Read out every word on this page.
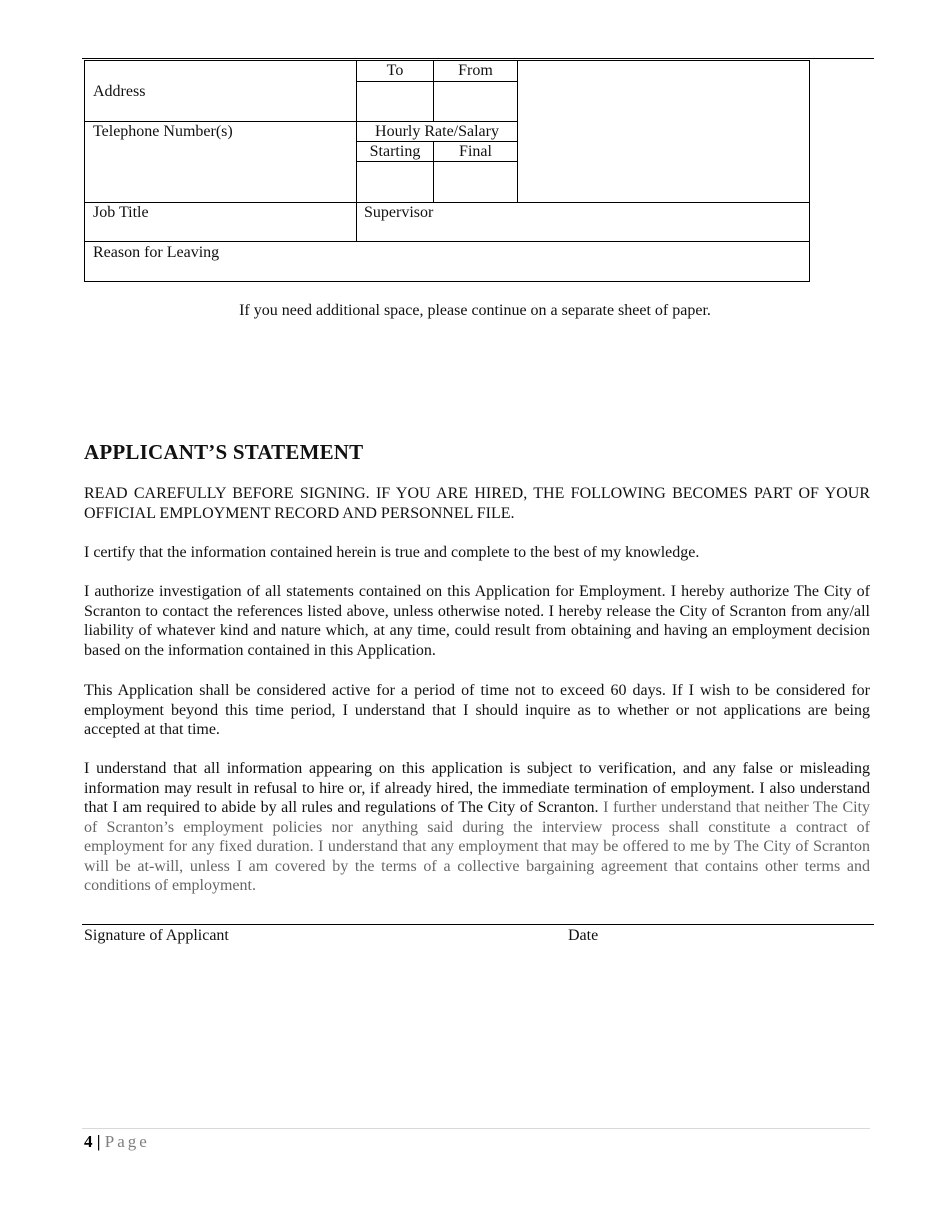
To	From
Address
Telephone Number(s)	Hourly Rate/Salary
Starting	Final
Job Title	Supervisor
Reason for Leaving
If you need additional space, please continue on a separate sheet of paper.
APPLICANT’S STATEMENT
READ CAREFULLY BEFORE SIGNING. IF YOU ARE HIRED, THE FOLLOWING BECOMES PART OF YOUR OFFICIAL EMPLOYMENT RECORD AND PERSONNEL FILE.
I certify that the information contained herein is true and complete to the best of my knowledge.
I authorize investigation of all statements contained on this Application for Employment. I hereby authorize The City of Scranton to contact the references listed above, unless otherwise noted. I hereby release the City of Scranton from any/all liability of whatever kind and nature which, at any time, could result from obtaining and having an employment decision based on the information contained in this Application.
This Application shall be considered active for a period of time not to exceed 60 days. If I wish to be considered for employment beyond this time period, I understand that I should inquire as to whether or not applications are being accepted at that time.
I understand that all information appearing on this application is subject to verification, and any false or misleading information may result in refusal to hire or, if already hired, the immediate termination of employment. I also understand that I am required to abide by all rules and regulations of The City of Scranton. I further understand that neither The City of Scranton’s employment policies nor anything said during the interview process shall constitute a contract of employment for any fixed duration. I understand that any employment that may be offered to me by The City of Scranton will be at-will, unless I am covered by the terms of a collective bargaining agreement that contains other terms and conditions of employment.
Signature of Applicant	Date
4 | Page
